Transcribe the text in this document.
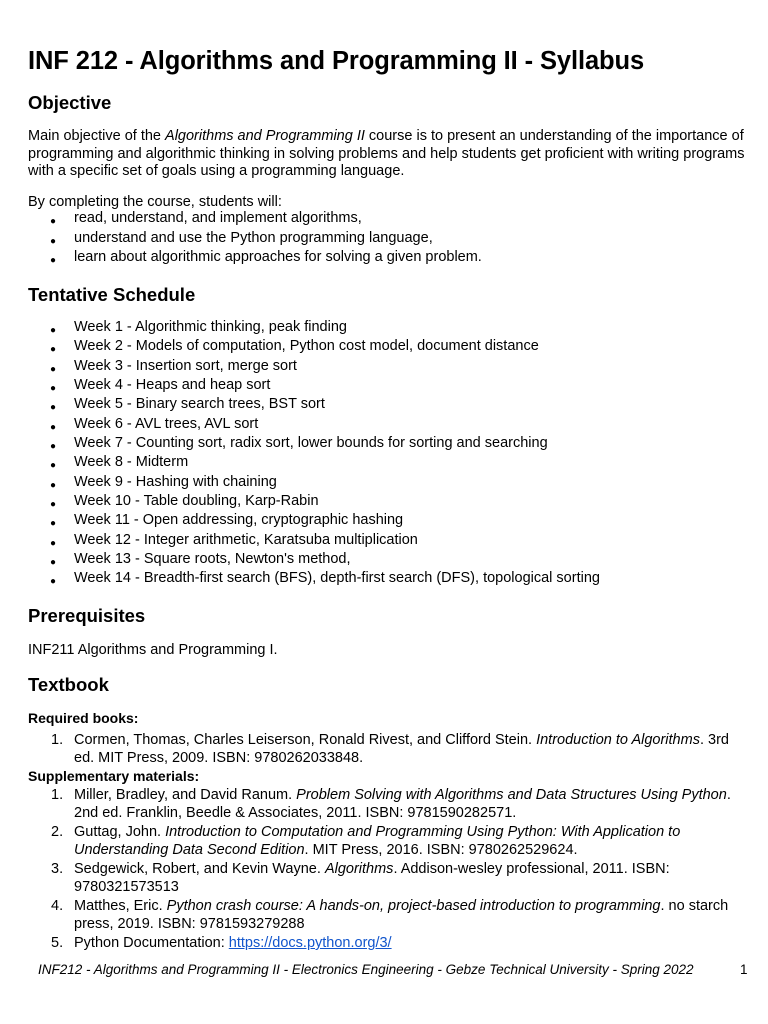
INF 212 - Algorithms and Programming II - Syllabus
Objective

Main objective of the Algorithms and Programming II course is to present an understanding of the importance of programming and algorithmic thinking in solving problems and help students get proficient with writing programs with a specific set of goals using a programming language.

By completing the course, students will:

● read, understand, and implement algorithms,
● understand and use the Python programming language,
● learn about algorithmic approaches for solving a given problem.
Tentative Schedule
● Week 1 - Algorithmic thinking, peak finding
● Week 2 - Models of computation, Python cost model, document distance
● Week 3 - Insertion sort, merge sort
● Week 4 - Heaps and heap sort
● Week 5 - Binary search trees, BST sort
● Week 6 - AVL trees, AVL sort
● Week 7 - Counting sort, radix sort, lower bounds for sorting and searching
● Week 8 - Midterm
● Week 9 - Hashing with chaining
● Week 10 - Table doubling, Karp-Rabin
● Week 11 - Open addressing, cryptographic hashing
● Week 12 - Integer arithmetic, Karatsuba multiplication
● Week 13 - Square roots, Newton's method,
● Week 14 - Breadth-first search (BFS), depth-first search (DFS), topological sorting
Prerequisites

INF211 Algorithms and Programming I.

Textbook
Required books:
1. Cormen, Thomas, Charles Leiserson, Ronald Rivest, and Clifford Stein. Introduction to Algorithms. 3rd ed. MIT Press, 2009. ISBN: 9780262033848.
Supplementary materials:
1. Miller, Bradley, and David Ranum. Problem Solving with Algorithms and Data Structures Using Python. 2nd ed. Franklin, Beedle & Associates, 2011. ISBN: 9781590282571.
2. Guttag, John. Introduction to Computation and Programming Using Python: With Application to Understanding Data Second Edition. MIT Press, 2016. ISBN: 9780262529624.
3. Sedgewick, Robert, and Kevin Wayne. Algorithms. Addison-wesley professional, 2011. ISBN: 9780321573513
4. Matthes, Eric. Python crash course: A hands-on, project-based introduction to programming. no starch press, 2019. ISBN: 9781593279288
5. Python Documentation: https://docs.python.org/3/
INF212 - Algorithms and Programming II - Electronics Engineering - Gebze Technical University - Spring 2022	1
